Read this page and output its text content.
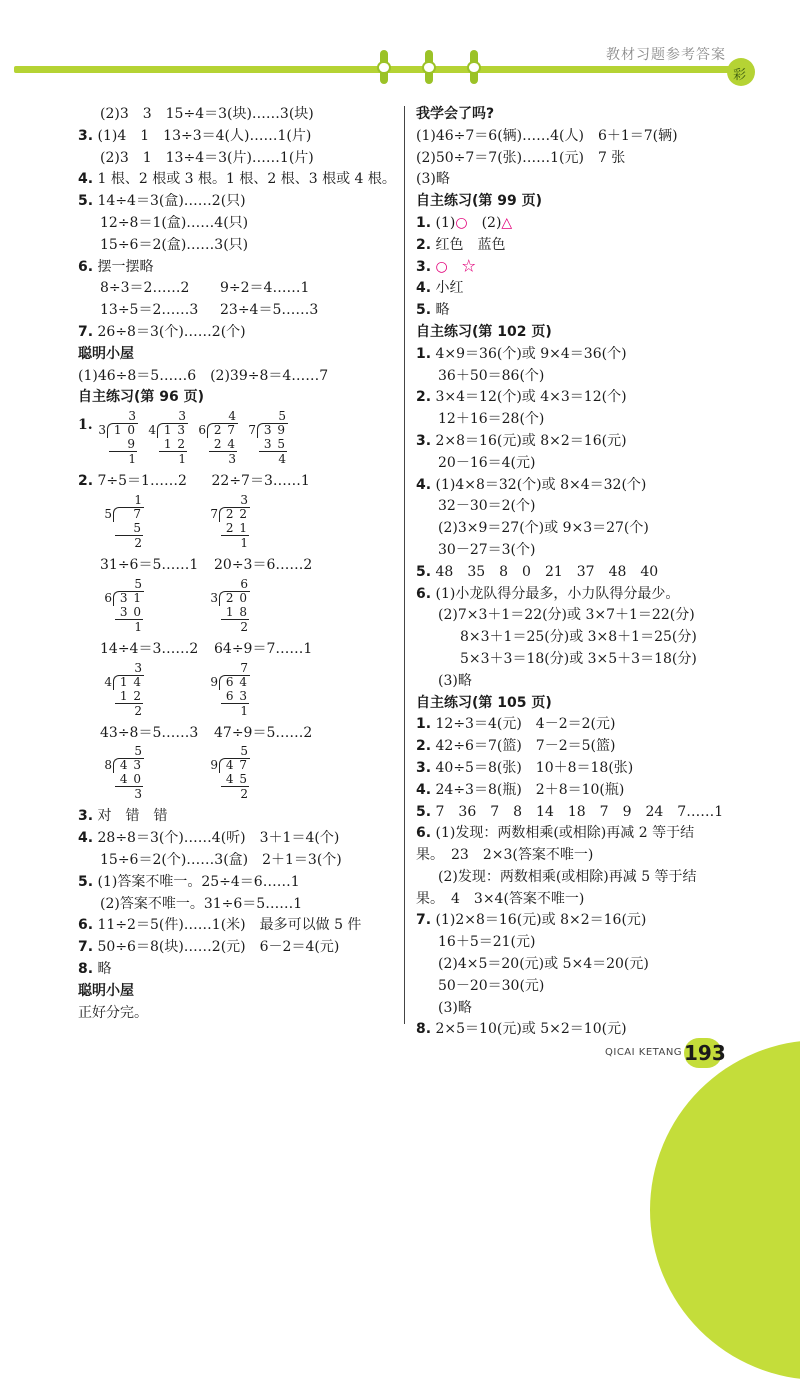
教材习题参考答案
彩
(2)3　3　15÷4＝3(块)……3(块)
3. (1)4　1　13÷3＝4(人)……1(片)
(2)3　1　13÷4＝3(片)……1(片)
4. 1 根、2 根或 3 根。1 根、2 根、3 根或 4 根。
5. 14÷4＝3(盒)……2(只)
12÷8＝1(盒)……4(只)
15÷6＝2(盒)……3(只)
6. 摆一摆略
8÷3＝2……2 9÷2＝4……1
13÷5＝2……3 23÷4＝5……3
7. 26÷8＝3(个)……2(个)
聪明小屋
(1)46÷8＝5……6　(2)39÷8＝4……7
自主练习(第 96 页)
1.
3
3 1 0
9
1
3
4 1 3
1 2
1
4
6 2 7
2 4
3
5
7 3 9
3 5
4
2. 7÷5＝1……2 22÷7＝3……1
1
5	7
5
2
3
7 2 2
2 1
1
31÷6＝5……1 20÷3＝6……2
5
6 3 1
3 0
1
6
3 2 0
1 8
2
14÷4＝3……2 64÷9＝7……1
3
4 1 4
1 2
2
7
9 6 4
6 3
1
43÷8＝5……3 47÷9＝5……2
5
8 4 3
4 0
3
5
9 4 7
4 5
2
3. 对　错　错
4. 28÷8＝3(个)……4(听)　3＋1＝4(个)
15÷6＝2(个)……3(盒)　2＋1＝3(个)
5. (1)答案不唯一。25÷4＝6……1
(2)答案不唯一。31÷6＝5……1
6. 11÷2＝5(件)……1(米)　最多可以做 5 件
7. 50÷6＝8(块)……2(元)　6－2＝4(元)
8. 略
聪明小屋
正好分完。
我学会了吗?
(1)46÷7＝6(辆)……4(人)　6＋1＝7(辆)
(2)50÷7＝7(张)……1(元)　7 张
(3)略
自主练习(第 99 页)
1. (1)○　(2)△
2. 红色　蓝色
3. ○　☆
4. 小红
5. 略
自主练习(第 102 页)
1. 4×9＝36(个)或 9×4＝36(个)
36＋50＝86(个)
2. 3×4＝12(个)或 4×3＝12(个)
12＋16＝28(个)
3. 2×8＝16(元)或 8×2＝16(元)
20－16＝4(元)
4. (1)4×8＝32(个)或 8×4＝32(个)
32－30＝2(个)
(2)3×9＝27(个)或 9×3＝27(个)
30－27＝3(个)
5. 48　35　8　0　21　37　48　40
6. (1)小龙队得分最多，小力队得分最少。
(2)7×3＋1＝22(分)或 3×7＋1＝22(分)
8×3＋1＝25(分)或 3×8＋1＝25(分)
5×3＋3＝18(分)或 3×5＋3＝18(分)
(3)略
自主练习(第 105 页)
1. 12÷3＝4(元)　4－2＝2(元)
2. 42÷6＝7(篮)　7－2＝5(篮)
3. 40÷5＝8(张)　10＋8＝18(张)
4. 24÷3＝8(瓶)　2＋8＝10(瓶)
5. 7　36　7　8　14　18　7　9　24　7……1
6. (1)发现：两数相乘(或相除)再减 2 等于结
果。　23　2×3(答案不唯一)
(2)发现：两数相乘(或相除)再减 5 等于结
果。　4　3×4(答案不唯一)
7. (1)2×8＝16(元)或 8×2＝16(元)
16＋5＝21(元)
(2)4×5＝20(元)或 5×4＝20(元)
50－20＝30(元)
(3)略
8. 2×5＝10(元)或 5×2＝10(元)
QICAI KETANG 193
